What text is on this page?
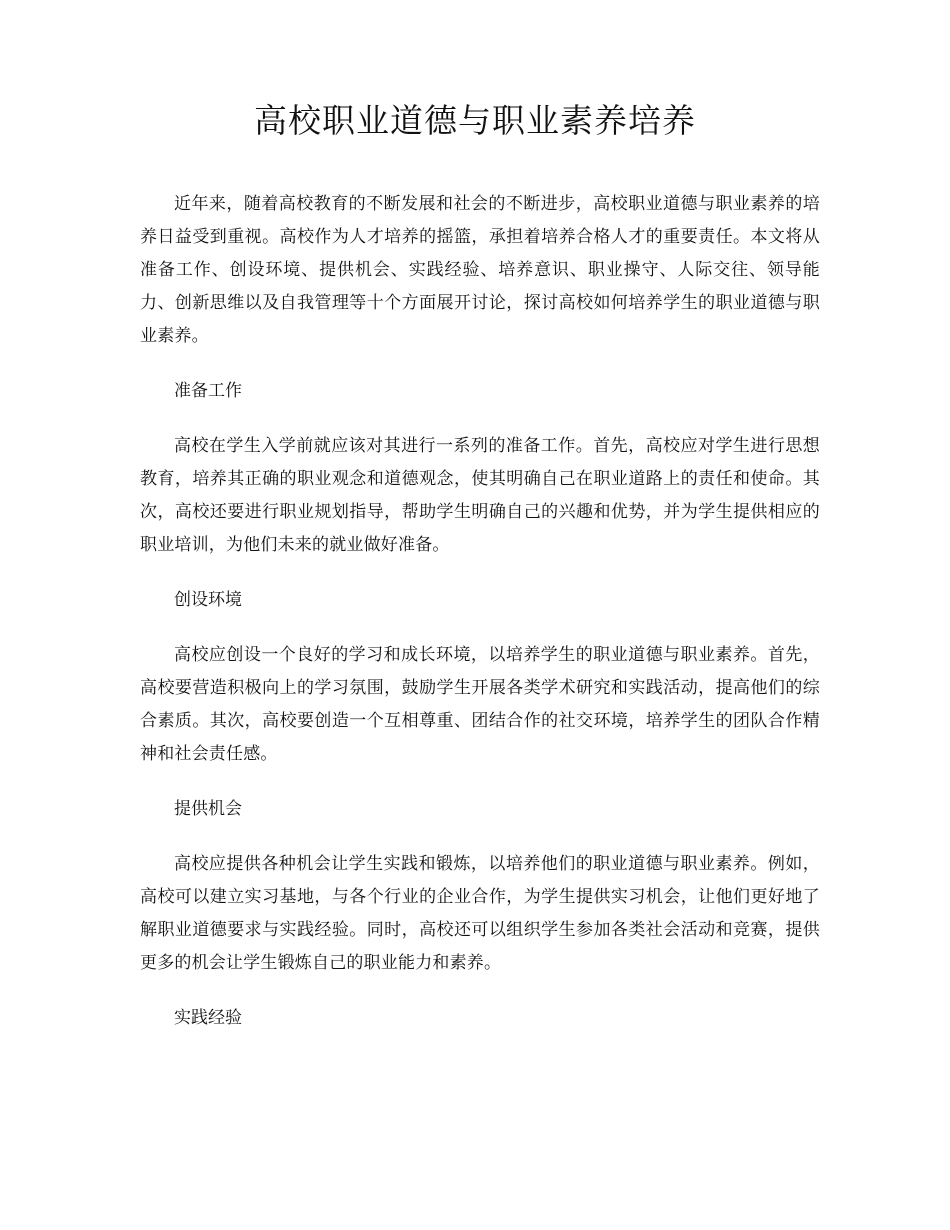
高校职业道德与职业素养培养

近年来，随着高校教育的不断发展和社会的不断进步，高校职业道德与职业素养的培养日益受到重视。高校作为人才培养的摇篮，承担着培养合格人才的重要责任。本文将从准备工作、创设环境、提供机会、实践经验、培养意识、职业操守、人际交往、领导能力、创新思维以及自我管理等十个方面展开讨论，探讨高校如何培养学生的职业道德与职业素养。

准备工作

高校在学生入学前就应该对其进行一系列的准备工作。首先，高校应对学生进行思想教育，培养其正确的职业观念和道德观念，使其明确自己在职业道路上的责任和使命。其次，高校还要进行职业规划指导，帮助学生明确自己的兴趣和优势，并为学生提供相应的职业培训，为他们未来的就业做好准备。

创设环境

高校应创设一个良好的学习和成长环境，以培养学生的职业道德与职业素养。首先，高校要营造积极向上的学习氛围，鼓励学生开展各类学术研究和实践活动，提高他们的综合素质。其次，高校要创造一个互相尊重、团结合作的社交环境，培养学生的团队合作精神和社会责任感。

提供机会

高校应提供各种机会让学生实践和锻炼，以培养他们的职业道德与职业素养。例如，高校可以建立实习基地，与各个行业的企业合作，为学生提供实习机会，让他们更好地了解职业道德要求与实践经验。同时，高校还可以组织学生参加各类社会活动和竞赛，提供更多的机会让学生锻炼自己的职业能力和素养。

实践经验
